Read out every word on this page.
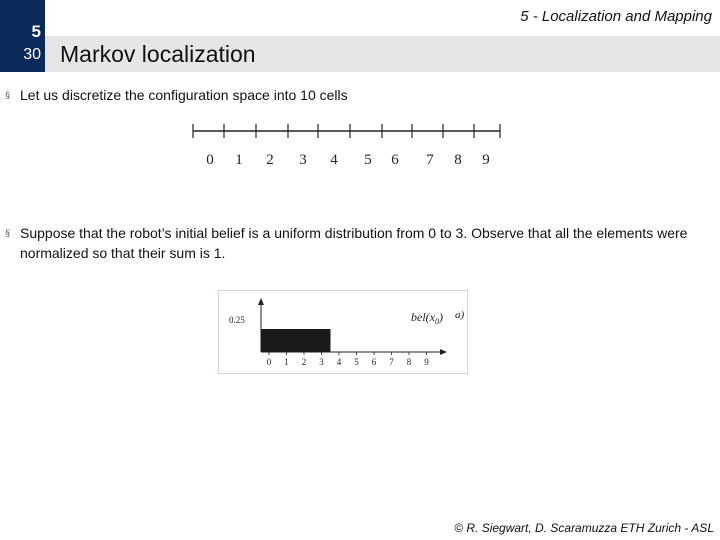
5 - Localization and Mapping
5
30 Markov localization
§ Let us discretize the configuration space into 10 cells
0 1 2 3 4 5 6 7 8 9
§ Suppose that the robot’s initial belief is a uniform distribution from 0 to 3. Observe that all the elements were normalized so that their sum is 1.
0.25
0 1 2 3 4 5 6 7 8 9
$bel(x_0)$ a)
© R. Siegwart, D. Scaramuzza ETH Zurich - ASL
